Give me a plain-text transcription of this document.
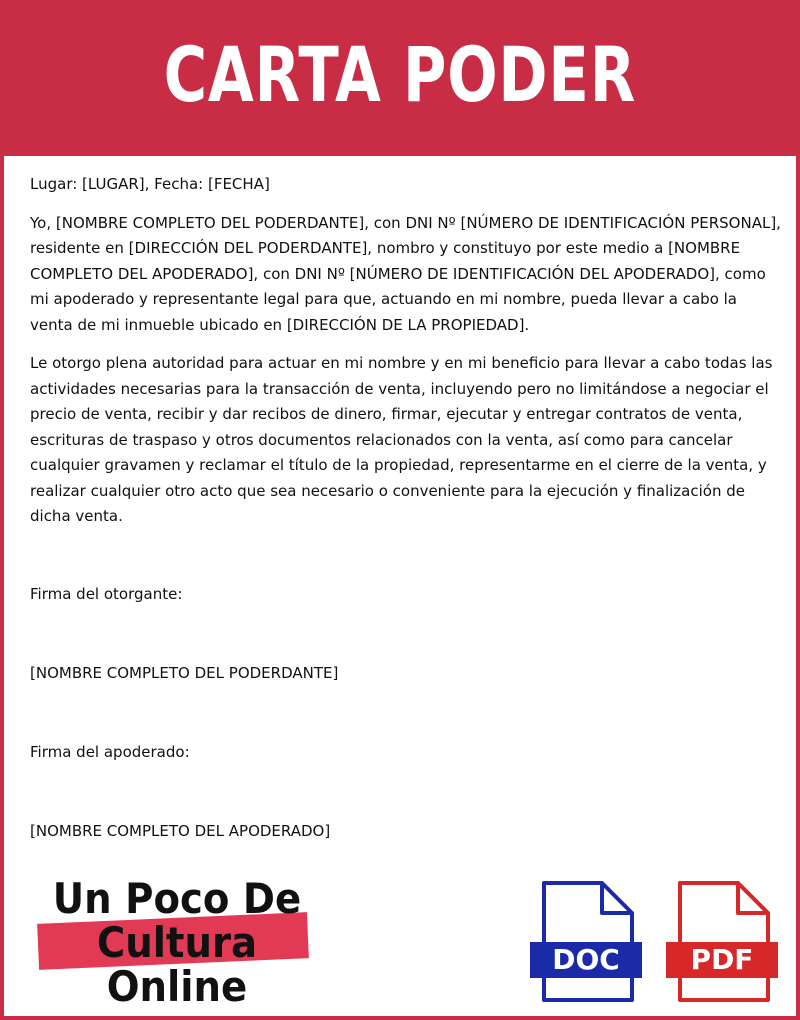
CARTA PODER

Lugar: [LUGAR], Fecha: [FECHA]

Yo, [NOMBRE COMPLETO DEL PODERDANTE], con DNI Nº [NÚMERO DE IDENTIFICACIÓN PERSONAL], residente en [DIRECCIÓN DEL PODERDANTE], nombro y constituyo por este medio a [NOMBRE COMPLETO DEL APODERADO], con DNI Nº [NÚMERO DE IDENTIFICACIÓN DEL APODERADO], como mi apoderado y representante legal para que, actuando en mi nombre, pueda llevar a cabo la venta de mi inmueble ubicado en [DIRECCIÓN DE LA PROPIEDAD].

Le otorgo plena autoridad para actuar en mi nombre y en mi beneficio para llevar a cabo todas las actividades necesarias para la transacción de venta, incluyendo pero no limitándose a negociar el precio de venta, recibir y dar recibos de dinero, firmar, ejecutar y entregar contratos de venta, escrituras de traspaso y otros documentos relacionados con la venta, así como para cancelar cualquier gravamen y reclamar el título de la propiedad, representarme en el cierre de la venta, y realizar cualquier otro acto que sea necesario o conveniente para la ejecución y finalización de dicha venta.

Firma del otorgante:
[NOMBRE COMPLETO DEL PODERDANTE]
Firma del apoderado:
[NOMBRE COMPLETO DEL APODERADO]
Un Poco De
Cultura
Online
DOC	PDF
